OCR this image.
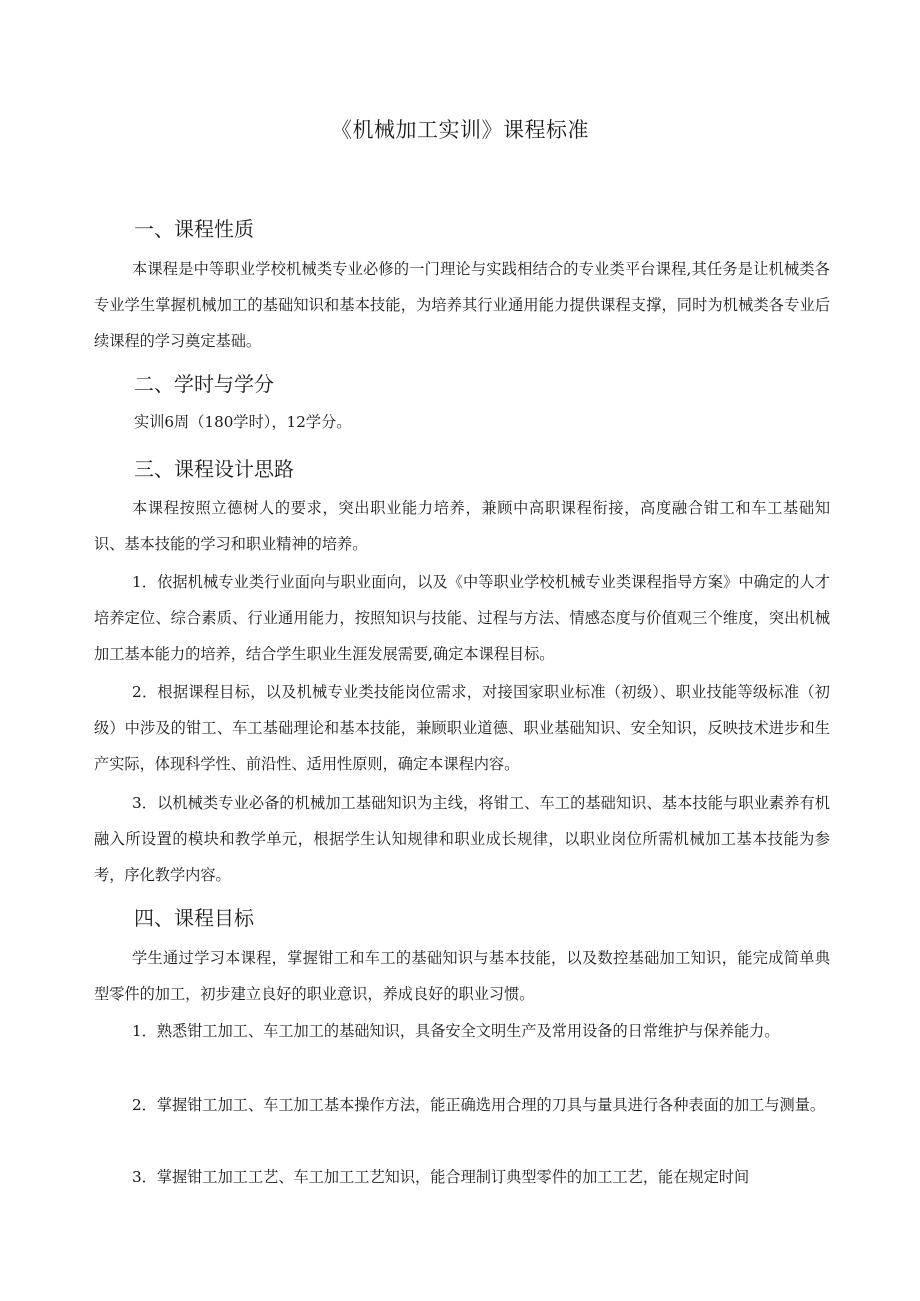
《机械加工实训》课程标准
一、课程性质

本课程是中等职业学校机械类专业必修的一门理论与实践相结合的专业类平台课程,其任务是让机械类各专业学生掌握机械加工的基础知识和基本技能，为培养其行业通用能力提供课程支撑，同时为机械类各专业后续课程的学习奠定基础。

二、学时与学分

实训6周（180学时），12学分。

三、课程设计思路

本课程按照立德树人的要求，突出职业能力培养，兼顾中高职课程衔接，高度融合钳工和车工基础知识、基本技能的学习和职业精神的培养。

1．依据机械专业类行业面向与职业面向，以及《中等职业学校机械专业类课程指导方案》中确定的人才培养定位、综合素质、行业通用能力，按照知识与技能、过程与方法、情感态度与价值观三个维度，突出机械加工基本能力的培养，结合学生职业生涯发展需要,确定本课程目标。

2．根据课程目标，以及机械专业类技能岗位需求，对接国家职业标准（初级）、职业技能等级标准（初级）中涉及的钳工、车工基础理论和基本技能，兼顾职业道德、职业基础知识、安全知识，反映技术进步和生产实际，体现科学性、前沿性、适用性原则，确定本课程内容。

3．以机械类专业必备的机械加工基础知识为主线，将钳工、车工的基础知识、基本技能与职业素养有机融入所设置的模块和教学单元，根据学生认知规律和职业成长规律，以职业岗位所需机械加工基本技能为参考，序化教学内容。

四、课程目标

学生通过学习本课程，掌握钳工和车工的基础知识与基本技能，以及数控基础加工知识，能完成简单典型零件的加工，初步建立良好的职业意识，养成良好的职业习惯。

1．熟悉钳工加工、车工加工的基础知识，具备安全文明生产及常用设备的日常维护与保养能力。

2．掌握钳工加工、车工加工基本操作方法，能正确选用合理的刀具与量具进行各种表面的加工与测量。

3．掌握钳工加工工艺、车工加工工艺知识，能合理制订典型零件的加工工艺，能在规定时间
